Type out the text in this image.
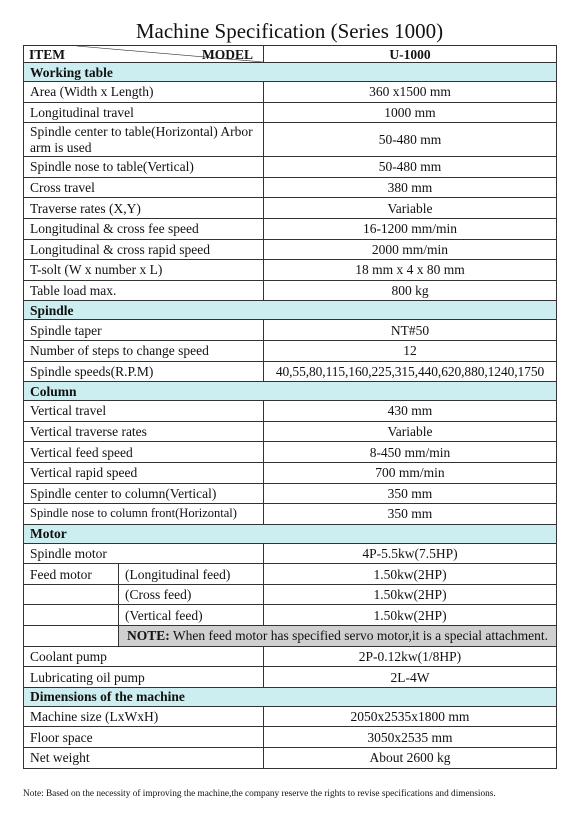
Machine Specification (Series 1000)
ITEM MODEL		U-1000
Working table		
Area (Width x Length)		360 x1500 mm
Longitudinal travel		1000 mm
Spindle center to table(Horizontal) Arbor arm is used		50-480 mm
Spindle nose to table(Vertical)		50-480 mm
Cross travel		380 mm
Traverse rates (X,Y)		Variable
Longitudinal & cross fee speed		16-1200 mm/min
Longitudinal & cross rapid speed		2000 mm/min
T-solt (W x number x L)		18 mm x 4 x 80 mm
Table load max.		800 kg
Spindle		
Spindle taper		NT#50
Number of steps to change speed		12
Spindle speeds(R.P.M)		40,55,80,115,160,225,315,440,620,880,1240,1750
Column		
Vertical travel		430 mm
Vertical traverse rates		Variable
Vertical feed speed		8-450 mm/min
Vertical rapid speed		700 mm/min
Spindle center to column(Vertical)		350 mm
Spindle nose to column front(Horizontal)		350 mm
Motor		
Spindle motor		4P-5.5kw(7.5HP)
Feed motor	(Longitudinal feed)	1.50kw(2HP)
	(Cross feed)	1.50kw(2HP)
	(Vertical feed)	1.50kw(2HP)
	NOTE: When feed motor has specified servo motor,it is a special attachment.	
Coolant pump		2P-0.12kw(1/8HP)
Lubricating oil pump		2L-4W
Dimensions of the machine		
Machine size (LxWxH)		2050x2535x1800 mm
Floor space		3050x2535 mm
Net weight		About 2600 kg
Note: Based on the necessity of improving the machine,the company reserve the rights to revise specifications and dimensions.
